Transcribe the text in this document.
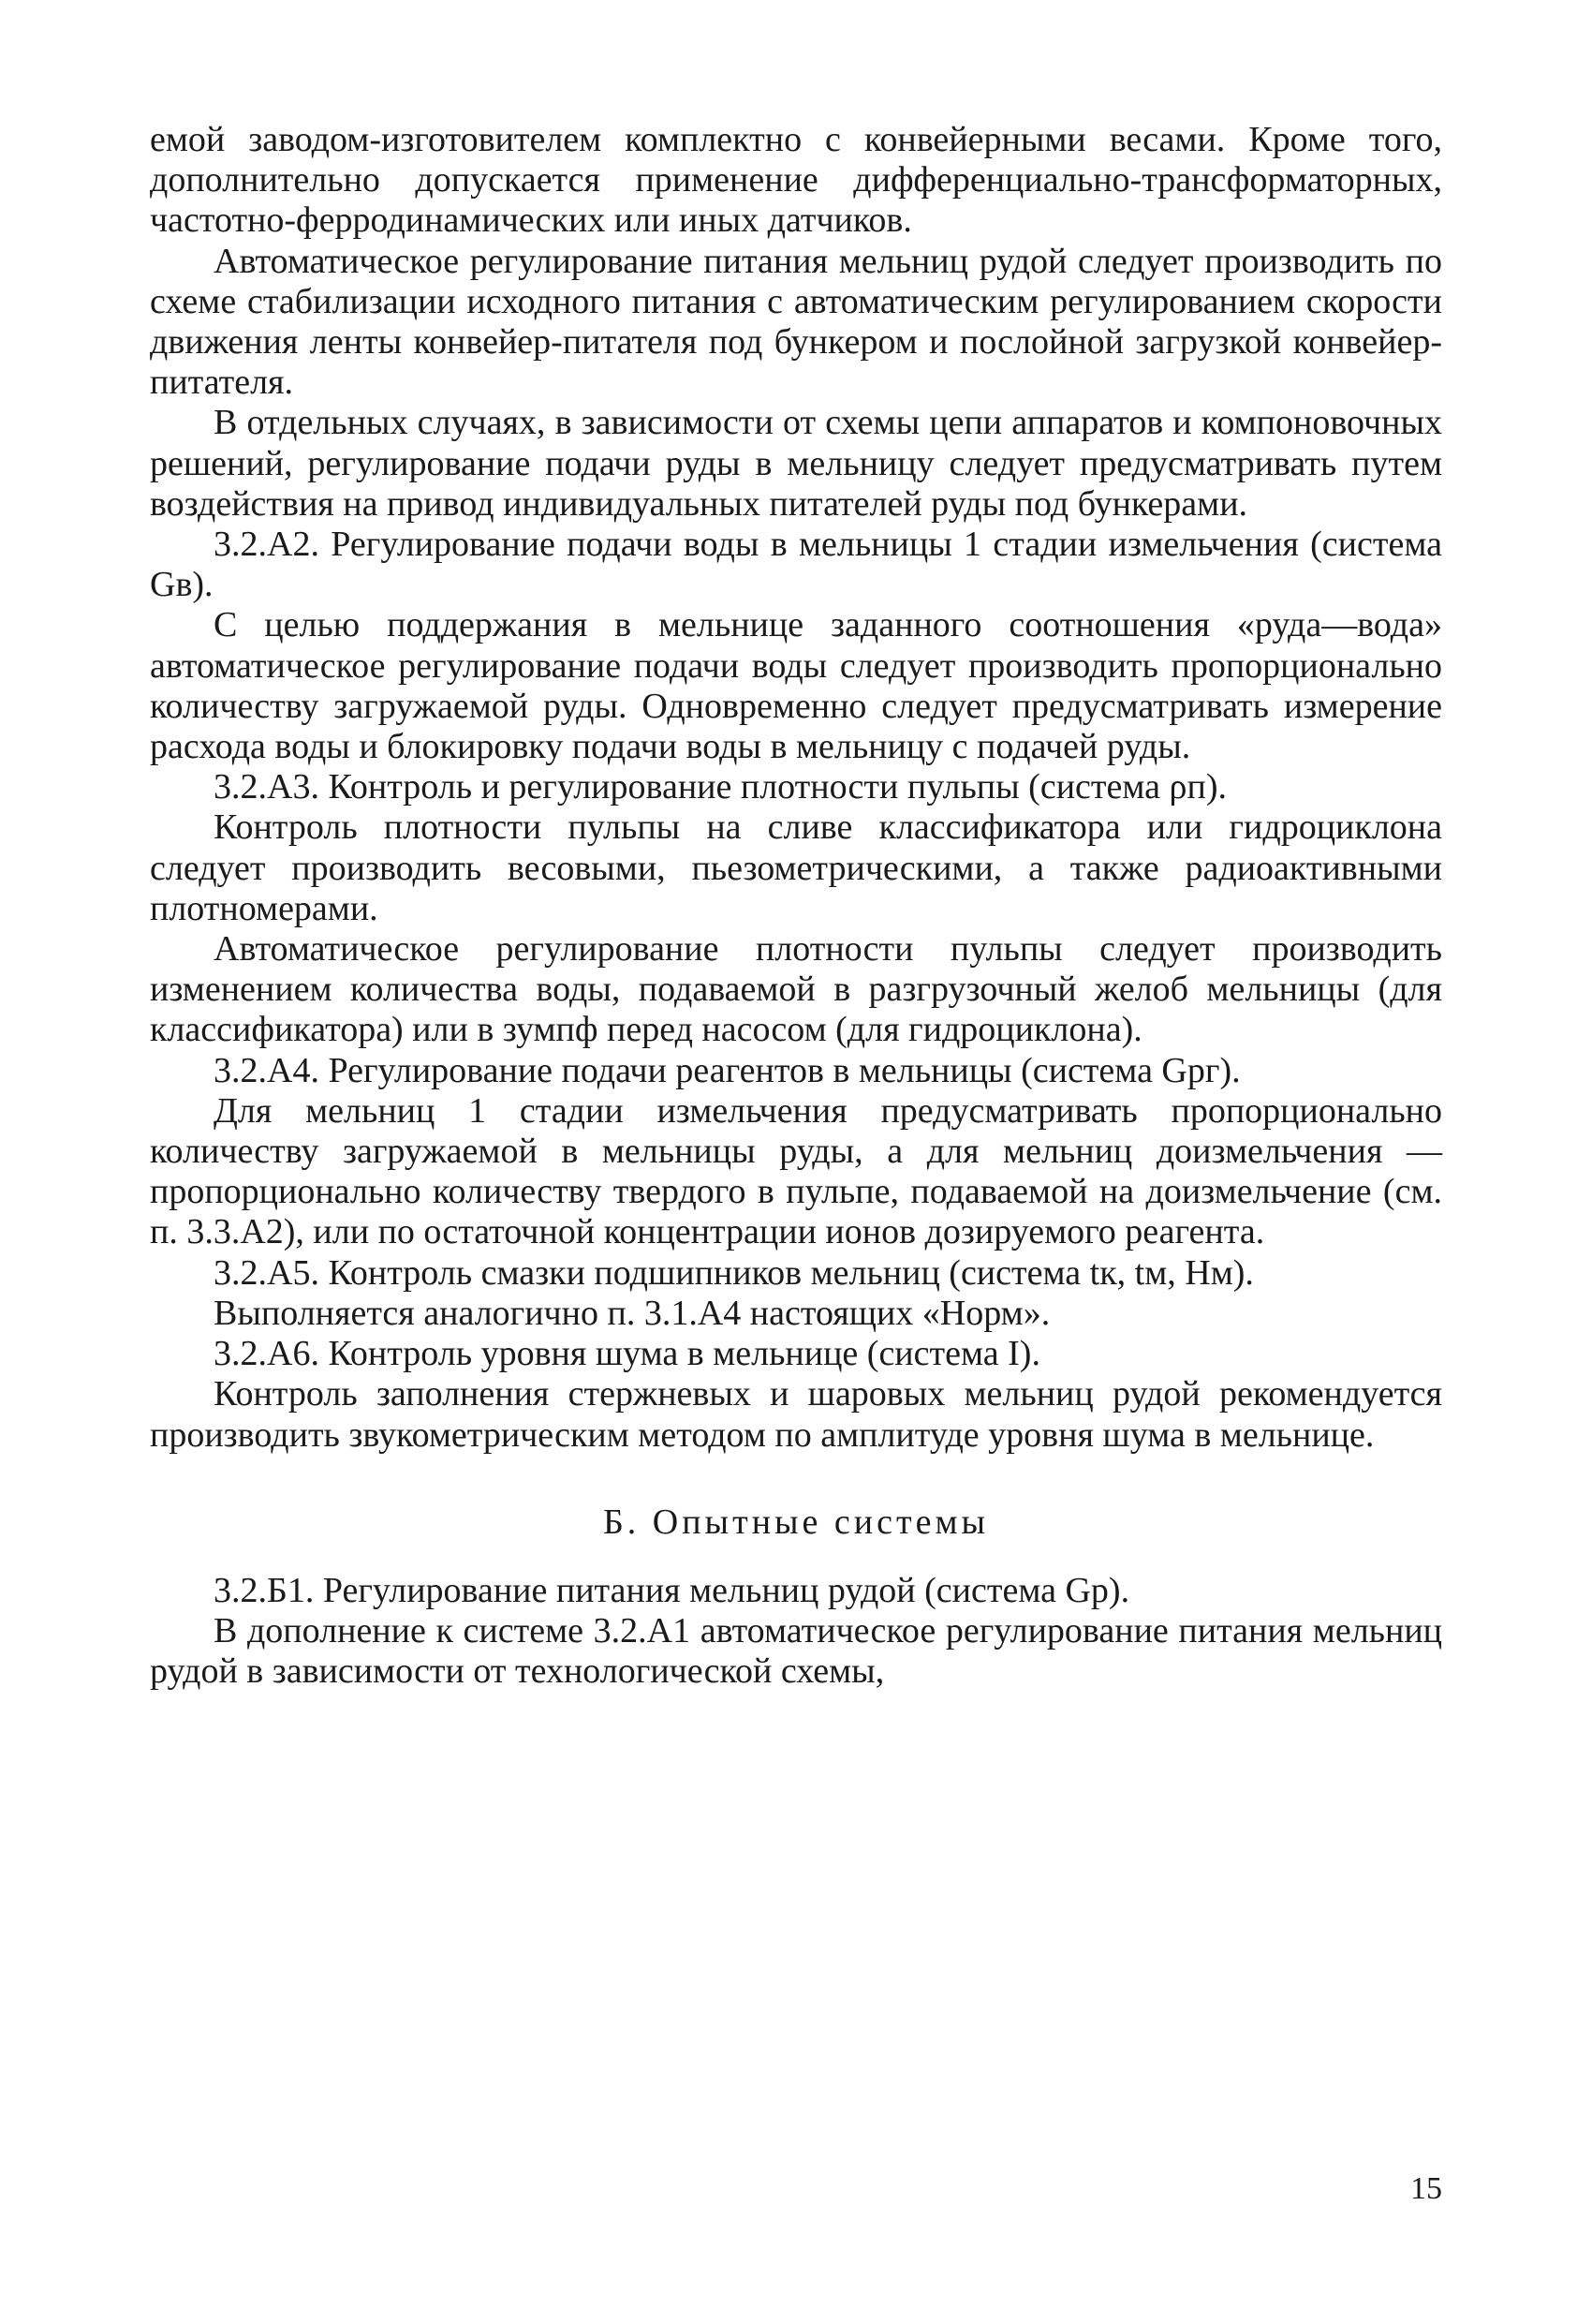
емой заводом-изготовителем комплектно с конвейерными весами. Кроме того, дополнительно допускается применение дифференциально-трансформаторных, частотно-ферродинамических или иных датчиков.

Автоматическое регулирование питания мельниц рудой следует производить по схеме стабилизации исходного питания с автоматическим регулированием скорости движения ленты конвейер-питателя под бункером и послойной загрузкой конвейер-питателя.

В отдельных случаях, в зависимости от схемы цепи аппаратов и компоновочных решений, регулирование подачи руды в мельницу следует предусматривать путем воздействия на привод индивидуальных питателей руды под бункерами.

3.2.А2. Регулирование подачи воды в мельницы 1 стадии измельчения (система Gв).

С целью поддержания в мельнице заданного соотношения «руда—вода» автоматическое регулирование подачи воды следует производить пропорционально количеству загружаемой руды. Одновременно следует предусматривать измерение расхода воды и блокировку подачи воды в мельницу с подачей руды.

3.2.А3. Контроль и регулирование плотности пульпы (система ρп).

Контроль плотности пульпы на сливе классификатора или гидроциклона следует производить весовыми, пьезометрическими, а также радиоактивными плотномерами.

Автоматическое регулирование плотности пульпы следует производить изменением количества воды, подаваемой в разгрузочный желоб мельницы (для классификатора) или в зумпф перед насосом (для гидроциклона).

3.2.А4. Регулирование подачи реагентов в мельницы (система Gрг).

Для мельниц 1 стадии измельчения предусматривать пропорционально количеству загружаемой в мельницы руды, а для мельниц доизмельчения — пропорционально количеству твердого в пульпе, подаваемой на доизмельчение (см. п. 3.3.А2), или по остаточной концентрации ионов дозируемого реагента.

3.2.А5. Контроль смазки подшипников мельниц (система tк, tм, Hм).

Выполняется аналогично п. 3.1.А4 настоящих «Норм».

3.2.А6. Контроль уровня шума в мельнице (система I).

Контроль заполнения стержневых и шаровых мельниц рудой рекомендуется производить звукометрическим методом по амплитуде уровня шума в мельнице.

Б. Опытные системы

3.2.Б1. Регулирование питания мельниц рудой (система Gр).

В дополнение к системе 3.2.А1 автоматическое регулирование питания мельниц рудой в зависимости от технологической схемы,

15
